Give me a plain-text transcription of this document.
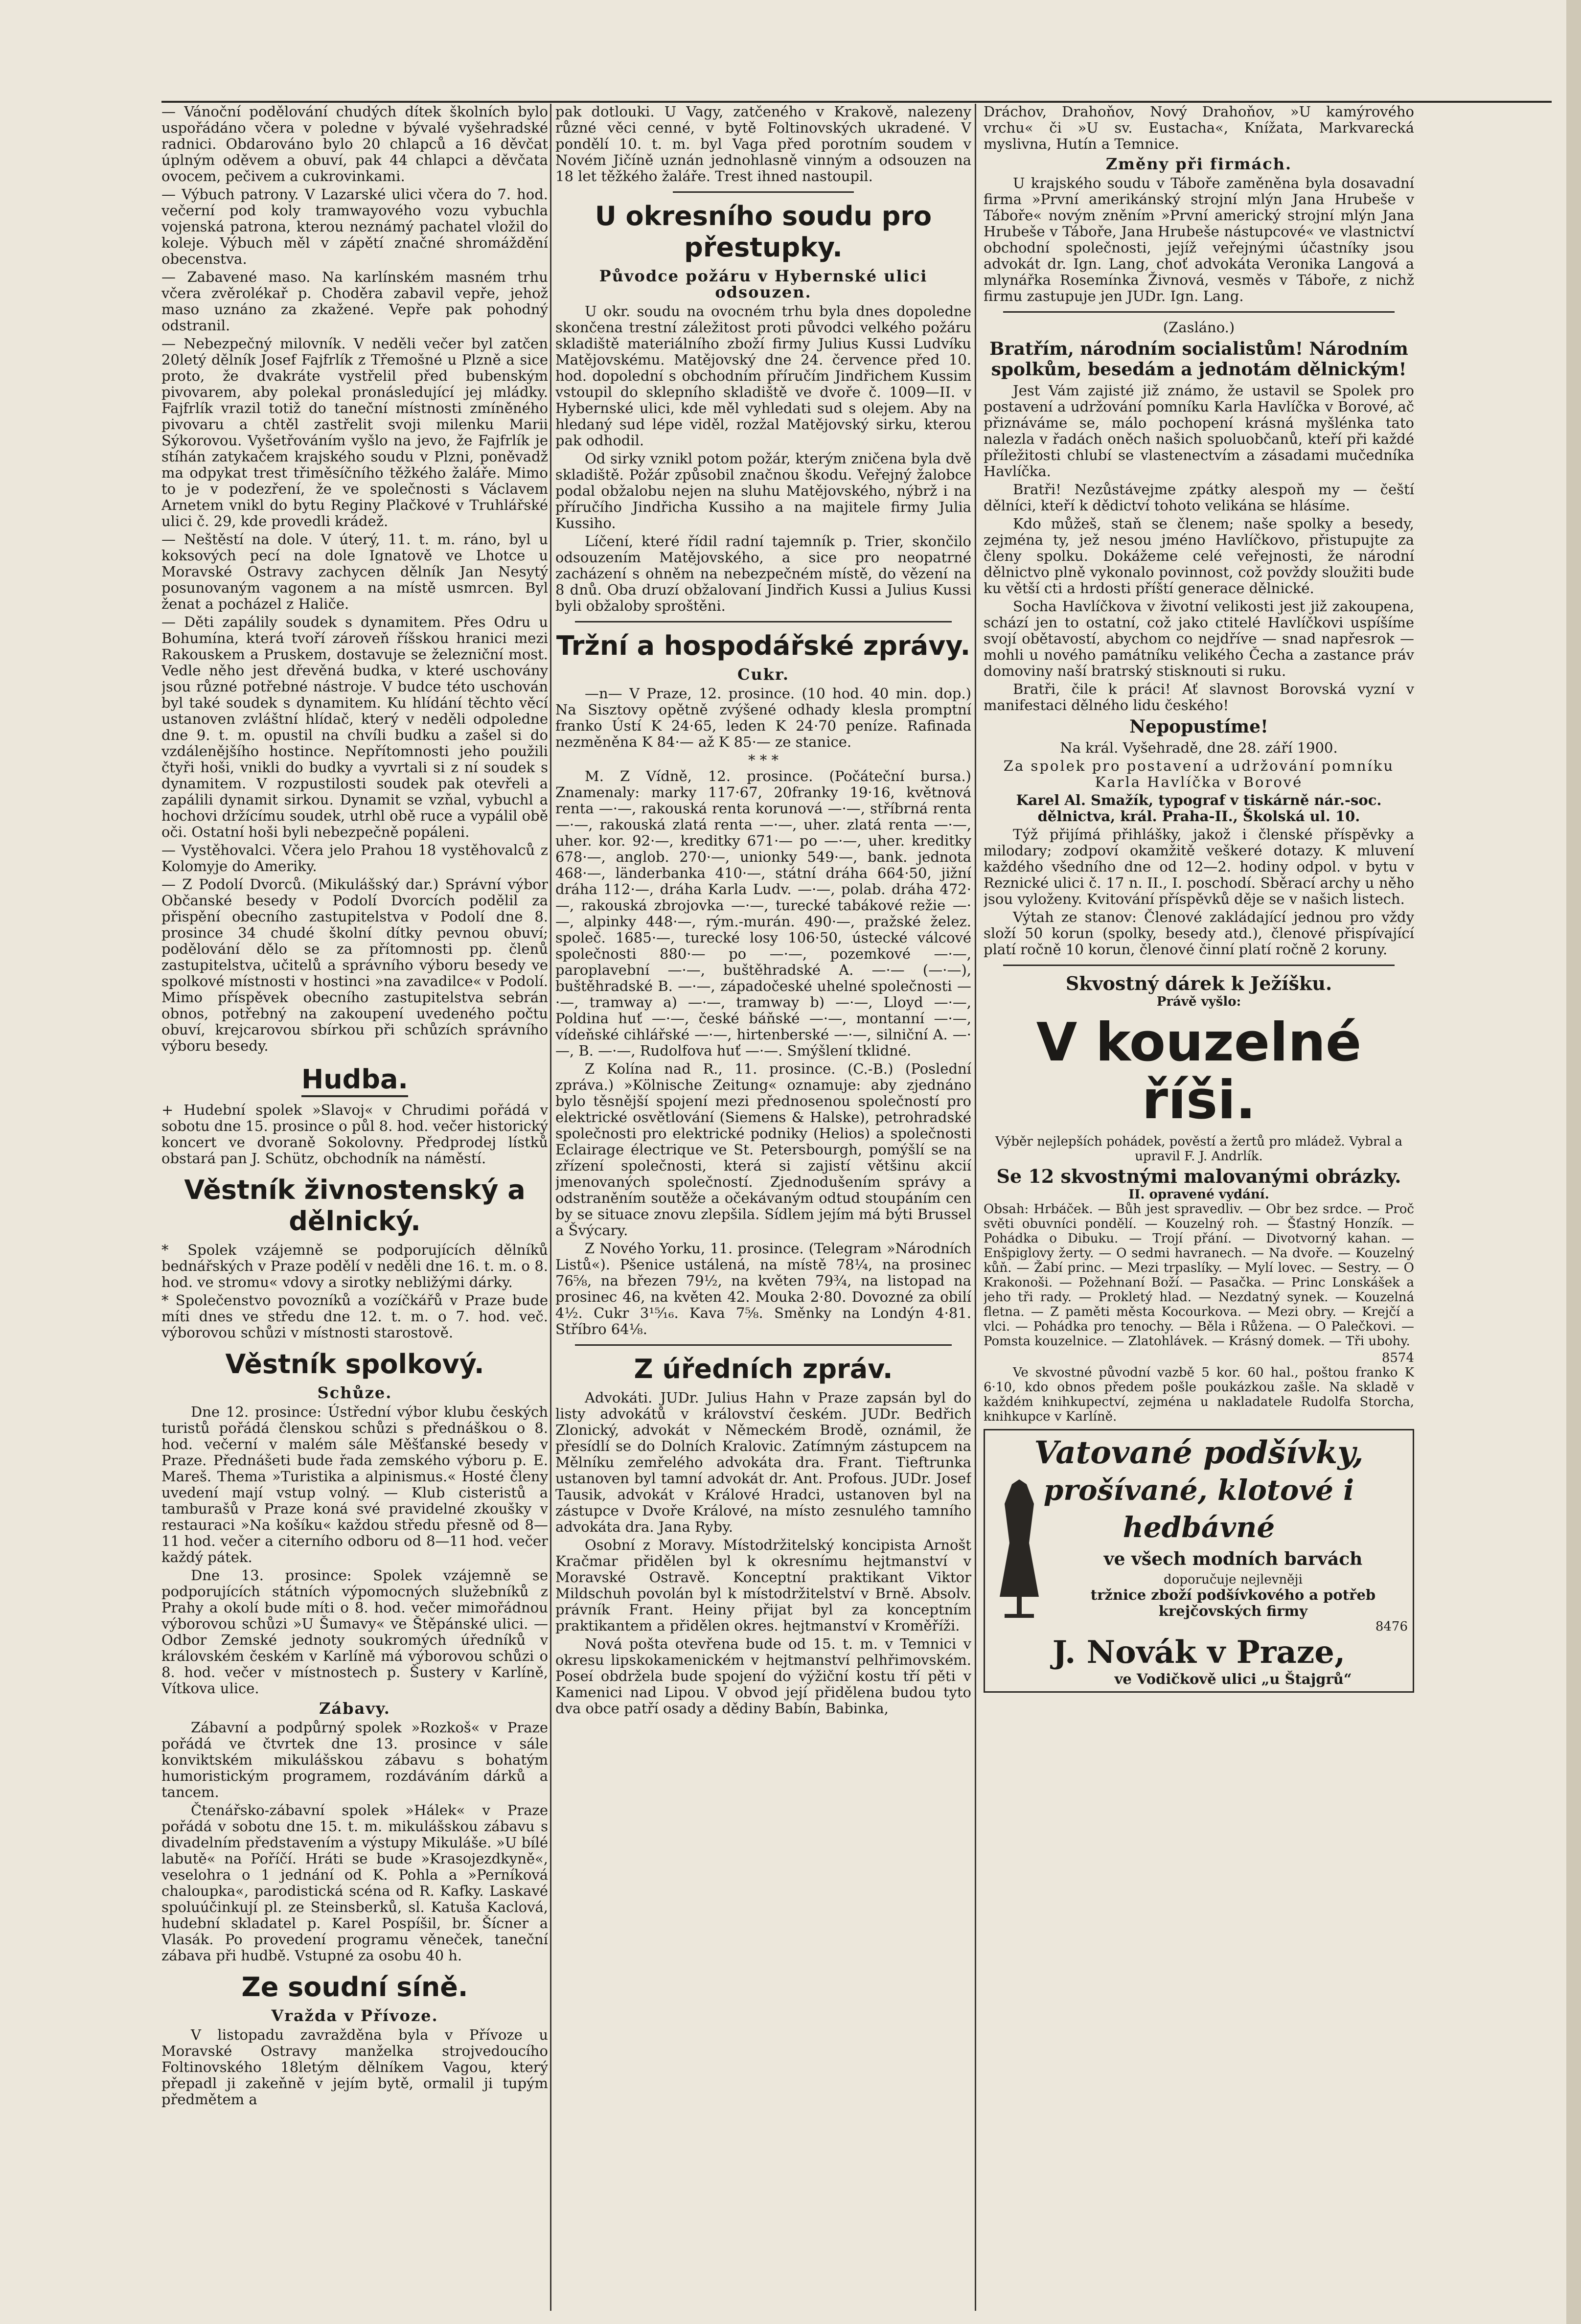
— Vánoční podělování chudých dítek školních bylo uspořádáno včera v poledne v bývalé vyšehradské radnici. Obdarováno bylo 20 chlapců a 16 děvčat úplným oděvem a obuví, pak 44 chlapci a děvčata ovocem, pečivem a cukrovinkami.

— Výbuch patrony. V Lazarské ulici včera do 7. hod. večerní pod koly tramwayového vozu vybuchla vojenská patrona, kterou neznámý pachatel vložil do koleje. Výbuch měl v zápětí značné shromáždění obecenstva.

— Zabavené maso. Na karlínském masném trhu včera zvěrolékař p. Choděra zabavil vepře, jehož maso uznáno za zkažené. Vepře pak pohodný odstranil.

— Nebezpečný milovník. V neděli večer byl zatčen 20letý dělník Josef Fajfrlík z Třemošné u Plzně a sice proto, že dvakráte vystřelil před bubenským pivovarem, aby polekal pronásledující jej mládky. Fajfrlík vrazil totiž do taneční místnosti zmíněného pivovaru a chtěl zastřelit svoji milenku Marii Sýkorovou. Vyšetřováním vyšlo na jevo, že Fajfrlík je stíhán zatykačem krajského soudu v Plzni, poněvadž ma odpykat trest třiměsíčního těžkého žaláře. Mimo to je v podezření, že ve společnosti s Václavem Arnetem vnikl do bytu Reginy Plačkové v Truhlářské ulici č. 29, kde provedli krádež.

— Neštěstí na dole. V úterý, 11. t. m. ráno, byl u koksových pecí na dole Ignatově ve Lhotce u Moravské Ostravy zachycen dělník Jan Nesytý posunovaným vagonem a na místě usmrcen. Byl ženat a pocházel z Haliče.

— Děti zapálily soudek s dynamitem. Přes Odru u Bohumína, která tvoří zároveň říšskou hranici mezi Rakouskem a Pruskem, dostavuje se železniční most. Vedle něho jest dřevěná budka, v které uschovány jsou různé potřebné nástroje. V budce této uschován byl také soudek s dynamitem. Ku hlídání těchto věcí ustanoven zvláštní hlídač, který v neděli odpoledne dne 9. t. m. opustil na chvíli budku a zašel si do vzdálenějšího hostince. Nepřítomnosti jeho použili čtyři hoši, vnikli do budky a vyvrtali si z ní soudek s dynamitem. V rozpustilosti soudek pak otevřeli a zapálili dynamit sirkou. Dynamit se vzňal, vybuchl a hochovi držícímu soudek, utrhl obě ruce a vypálil obě oči. Ostatní hoši byli nebezpečně popáleni.

— Vystěhovalci. Včera jelo Prahou 18 vystěhovalců z Kolomyje do Ameriky.

— Z Podolí Dvorců. (Mikulášský dar.) Správní výbor Občanské besedy v Podolí Dvorcích podělil za přispění obecního zastupitelstva v Podolí dne 8. prosince 34 chudé školní dítky pevnou obuví; podělování dělo se za přítomnosti pp. členů zastupitelstva, učitelů a správního výboru besedy ve spolkové místnosti v hostinci »na zavadilce« v Podolí. Mimo příspěvek obecního zastupitelstva sebrán obnos, potřebný na zakoupení uvedeného počtu obuví, krejcarovou sbírkou při schůzích správního výboru besedy.

Hudba.

+ Hudební spolek »Slavoj« v Chrudimi pořádá v sobotu dne 15. prosince o půl 8. hod. večer historický koncert ve dvoraně Sokolovny. Předprodej lístků obstará pan J. Schütz, obchodník na náměstí.

Věstník živnostenský a dělnický.

* Spolek vzájemně se podporujících dělníků bednářských v Praze podělí v neděli dne 16. t. m. o 8. hod. ve stromu« vdovy a sirotky nebližými dárky.

* Společenstvo povozníků a vozíčkářů v Praze bude míti dnes ve středu dne 12. t. m. o 7. hod. več. výborovou schůzi v místnosti starostově.

Věstník spolkový.
Schůze.

Dne 12. prosince: Ústřední výbor klubu českých turistů pořádá členskou schůzi s přednáškou o 8. hod. večerní v malém sále Měšťanské besedy v Praze. Přednášeti bude řada zemského výboru p. E. Mareš. Thema »Turistika a alpinismus.« Hosté členy uvedení mají vstup volný. — Klub cisteristů a tamburašů v Praze koná své pravidelné zkoušky v restauraci »Na košíku« každou středu přesně od 8—11 hod. večer a citerního odboru od 8—11 hod. večer každý pátek.

Dne 13. prosince: Spolek vzájemně se podporujících státních výpomocných služebníků z Prahy a okolí bude míti o 8. hod. večer mimořádnou výborovou schůzi »U Šumavy« ve Štěpánské ulici. — Odbor Zemské jednoty soukromých úředníků v královském českém v Karlíně má výborovou schůzi o 8. hod. večer v místnostech p. Šustery v Karlíně, Vítkova ulice.

Zábavy.

Zábavní a podpůrný spolek »Rozkoš« v Praze pořádá ve čtvrtek dne 13. prosince v sále konviktském mikulášskou zábavu s bohatým humoristickým programem, rozdáváním dárků a tancem.

Čtenářsko-zábavní spolek »Hálek« v Praze pořádá v sobotu dne 15. t. m. mikulášskou zábavu s divadelním představením a výstupy Mikuláše. »U bílé labutě« na Poříčí. Hráti se bude »Krasojezdkyně«, veselohra o 1 jednání od K. Pohla a »Perníková chaloupka«, parodistická scéna od R. Kafky. Laskavé spoluúčinkují pl. ze Steinsberků, sl. Katuša Kaclová, hudební skladatel p. Karel Pospíšil, br. Šícner a Vlasák. Po provedení programu věneček, taneční zábava při hudbě. Vstupné za osobu 40 h.

Ze soudní síně.
Vražda v Přívoze.

V listopadu zavražděna byla v Přívoze u Moravské Ostravy manželka strojvedoucího Foltinovského 18letým dělníkem Vagou, který přepadl ji zakeňně v jejím bytě, ormalil ji tupým předmětem a

pak dotlouki. U Vagy, zatčeného v Krakově, nalezeny různé věci cenné, v bytě Foltinovských ukradené. V pondělí 10. t. m. byl Vaga před porotním soudem v Novém Jičíně uznán jednohlasně vinným a odsouzen na 18 let těžkého žaláře. Trest ihned nastoupil.

U okresního soudu pro přestupky.
Původce požáru v Hybernské ulici odsouzen.

U okr. soudu na ovocném trhu byla dnes dopoledne skončena trestní záležitost proti původci velkého požáru skladiště materiálního zboží firmy Julius Kussi Ludvíku Matějovskému. Matějovský dne 24. července před 10. hod. dopolední s obchodním příručím Jindřichem Kussim vstoupil do sklepního skladiště ve dvoře č. 1009—II. v Hybernské ulici, kde měl vyhledati sud s olejem. Aby na hledaný sud lépe viděl, rozžal Matějovský sirku, kterou pak odhodil.

Od sirky vznikl potom požár, kterým zničena byla dvě skladiště. Požár způsobil značnou škodu. Veřejný žalobce podal obžalobu nejen na sluhu Matějovského, nýbrž i na příručího Jindřicha Kussiho a na majitele firmy Julia Kussiho.

Líčení, které řídil radní tajemník p. Trier, skončilo odsouzením Matějovského, a sice pro neopatrné zacházení s ohněm na nebezpečném místě, do vězení na 8 dnů. Oba druzí obžalovaní Jindřich Kussi a Julius Kussi byli obžaloby sproštěni.

Tržní a hospodářské zprávy.
Cukr.

—n— V Praze, 12. prosince. (10 hod. 40 min. dop.) Na Sisztovy opětně zvýšené odhady klesla promptní franko Ústí K 24·65, leden K 24·70 peníze. Rafinada nezměněna K 84·— až K 85·— ze stanice.

* * *

M. Z Vídně, 12. prosince. (Počáteční bursa.) Znamenaly: marky 117·67, 20franky 19·16, květnová renta —·—, rakouská renta korunová —·—, stříbrná renta —·—, rakouská zlatá renta —·—, uher. zlatá renta —·—, uher. kor. 92·—, kreditky 671·— po —·—, uher. kreditky 678·—, anglob. 270·—, unionky 549·—, bank. jednota 468·—, länderbanka 410·—, státní dráha 664·50, jižní dráha 112·—, dráha Karla Ludv. —·—, polab. dráha 472·—, rakouská zbrojovka —·—, turecké tabákové režie —·—, alpinky 448·—, rým.-murán. 490·—, pražské želez. společ. 1685·—, turecké losy 106·50, ústecké válcové společnosti 880·— po —·—, pozemkové —·—, paroplavební —·—, buštěhradské A. —·— (—·—), buštěhradské B. —·—, západočeské uhelné společnosti —·—, tramway a) —·—, tramway b) —·—, Lloyd —·—, Poldina huť —·—, české báňské —·—, montanní —·—, vídeňské cihlářské —·—, hirtenberské —·—, silniční A. —·—, B. —·—, Rudolfova huť —·—. Smýšlení tklidné.

Z Kolína nad R., 11. prosince. (C.-B.) (Poslední zpráva.) »Kölnische Zeitung« oznamuje: aby zjednáno bylo těsnější spojení mezi přednosenou společností pro elektrické osvětlování (Siemens & Halske), petrohradské společnosti pro elektrické podniky (Helios) a společnosti Eclairage électrique ve St. Petersbourgh, pomýšlí se na zřízení společnosti, která si zajistí většinu akcií jmenovaných společností. Zjednodušením správy a odstraněním soutěže a očekávaným odtud stoupáním cen by se situace znovu zlepšila. Sídlem jejím má býti Brussel a Švýcary.

Z Nového Yorku, 11. prosince. (Telegram »Národních Listů«). Pšenice ustálená, na místě 78¼, na prosinec 76⅝, na březen 79½, na květen 79¾, na listopad na prosinec 46, na květen 42. Mouka 2·80. Dovozné za obilí 4½. Cukr 3¹⁵⁄₁₆. Kava 7⅝. Směnky na Londýn 4·81. Stříbro 64⅛.

Z úředních zpráv.

Advokáti. JUDr. Julius Hahn v Praze zapsán byl do listy advokátů v království českém. JUDr. Bedřich Zlonický, advokát v Německém Brodě, oznámil, že přesídlí se do Dolních Kralovic. Zatímným zástupcem na Mělníku zemřelého advokáta dra. Frant. Tieftrunka ustanoven byl tamní advokát dr. Ant. Profous. JUDr. Josef Tausik, advokát v Králové Hradci, ustanoven byl na zástupce v Dvoře Králové, na místo zesnulého tamního advokáta dra. Jana Ryby.

Osobní z Moravy. Místodržitelský koncipista Arnošt Kračmar přidělen byl k okresnímu hejtmanství v Moravské Ostravě. Konceptní praktikant Viktor Mildschuh povolán byl k místodržitelství v Brně. Absolv. právník Frant. Heiny přijat byl za konceptním praktikantem a přidělen okres. hejtmanství v Kroměříži.

Nová pošta otevřena bude od 15. t. m. v Temnici v okresu lipskokamenickém v hejtmanství pelhřimovském. Poseí obdržela bude spojení do výžiční kostu tří pěti v Kamenici nad Lipou. V obvod její přidělena budou tyto dva obce patří osady a dědiny Babín, Babinka,

Dráchov, Drahoňov, Nový Drahoňov, »U kamýrového vrchu« či »U sv. Eustacha«, Knížata, Markvarecká myslivna, Hutín a Temnice.

Změny při firmách.

U krajského soudu v Táboře zaměněna byla dosavadní firma »První amerikánský strojní mlýn Jana Hrubeše v Táboře« novým zněním »První americký strojní mlýn Jana Hrubeše v Táboře, Jana Hrubeše nástupcové« ve vlastnictví obchodní společnosti, jejíž veřejnými účastníky jsou advokát dr. Ign. Lang, choť advokáta Veronika Langová a mlynářka Rosemínka Živnová, vesměs v Táboře, z nichž firmu zastupuje jen JUDr. Ign. Lang.

(Zasláno.)
Bratřím, národním socialistům! Národním spolkům, besedám a jednotám dělnickým!

Jest Vám zajisté již známo, že ustavil se Spolek pro postavení a udržování pomníku Karla Havlíčka v Borové, ač přiznáváme se, málo pochopení krásná myšlénka tato nalezla v řadách oněch našich spoluobčanů, kteří při každé příležitosti chlubí se vlastenectvím a zásadami mučedníka Havlíčka.

Bratři! Nezůstávejme zpátky alespoň my — čeští dělníci, kteří k dědictví tohoto velikána se hlásíme.

Kdo můžeš, staň se členem; naše spolky a besedy, zejména ty, jež nesou jméno Havlíčkovo, přistupujte za členy spolku. Dokážeme celé veřejnosti, že národní dělnictvo plně vykonalo povinnost, což povždy sloužiti bude ku větší cti a hrdosti příští generace dělnické.

Socha Havlíčkova v životní velikosti jest již zakoupena, schází jen to ostatní, což jako ctitelé Havlíčkovi uspíšíme svojí obětavostí, abychom co nejdříve — snad napřesrok — mohli u nového památníku velikého Čecha a zastance práv domoviny naší bratrský stisknouti si ruku.

Bratři, čile k práci! Ať slavnost Borovská vyzní v manifestaci dělného lidu českého!

Nepopustíme!

Na král. Vyšehradě, dne 28. září 1900.

Za spolek pro postavení a udržování pomníku Karla Havlíčka v Borové

Karel Al. Smažík, typograf v tiskárně nár.-soc. dělnictva, král. Praha-II., Školská ul. 10.

Týž přijímá přihlášky, jakož i členské příspěvky a milodary; zodpoví okamžitě veškeré dotazy. K mluvení každého všedního dne od 12—2. hodiny odpol. v bytu v Reznické ulici č. 17 n. II., I. poschodí. Sběrací archy u něho jsou vyloženy. Kvitování příspěvků děje se v našich listech.

Výtah ze stanov: Členové zakládající jednou pro vždy složí 50 korun (spolky, besedy atd.), členové přispívající platí ročně 10 korun, členové činní platí ročně 2 koruny.

Skvostný dárek k Ježíšku.
Právě vyšlo:
V kouzelné říši.

Výběr nejlepších pohádek, pověstí a žertů pro mládež. Vybral a upravil F. J. Andrlík.

Se 12 skvostnými malovanými obrázky.
II. opravené vydání.

Obsah: Hrbáček. — Bůh jest spravedliv. — Obr bez srdce. — Proč světi obuvníci pondělí. — Kouzelný roh. — Šťastný Honzík. — Pohádka o Dibuku. — Trojí přání. — Divotvorný kahan. — Enšpiglovy žerty. — O sedmi havranech. — Na dvoře. — Kouzelný kůň. — Žabí princ. — Mezi trpaslíky. — Mylí lovec. — Sestry. — O Krakonoši. — Požehnaní Boží. — Pasačka. — Princ Lonskášek a jeho tři rady. — Prokletý hlad. — Nezdatný synek. — Kouzelná fletna. — Z paměti města Kocourkova. — Mezi obry. — Krejčí a vlci. — Pohádka pro tenochy. — Běla i Růžena. — O Palečkovi. — Pomsta kouzelnice. — Zlatohlávek. — Krásný domek. — Tři ubohy.

8574

Ve skvostné původní vazbě 5 kor. 60 hal., poštou franko K 6·10, kdo obnos předem pošle poukázkou zašle. Na skladě v každém knihkupectví, zejména u nakladatele Rudolfa Storcha, knihkupce v Karlíně.

Vatované podšívky,
prošívané, klotové i hedbávné
ve všech modních barvách
doporučuje nejlevněji
tržnice zboží podšívkového a potřeb krejčovských firmy
8476
J. Novák v Praze,
ve Vodičkově ulici „u Štajgrů“
